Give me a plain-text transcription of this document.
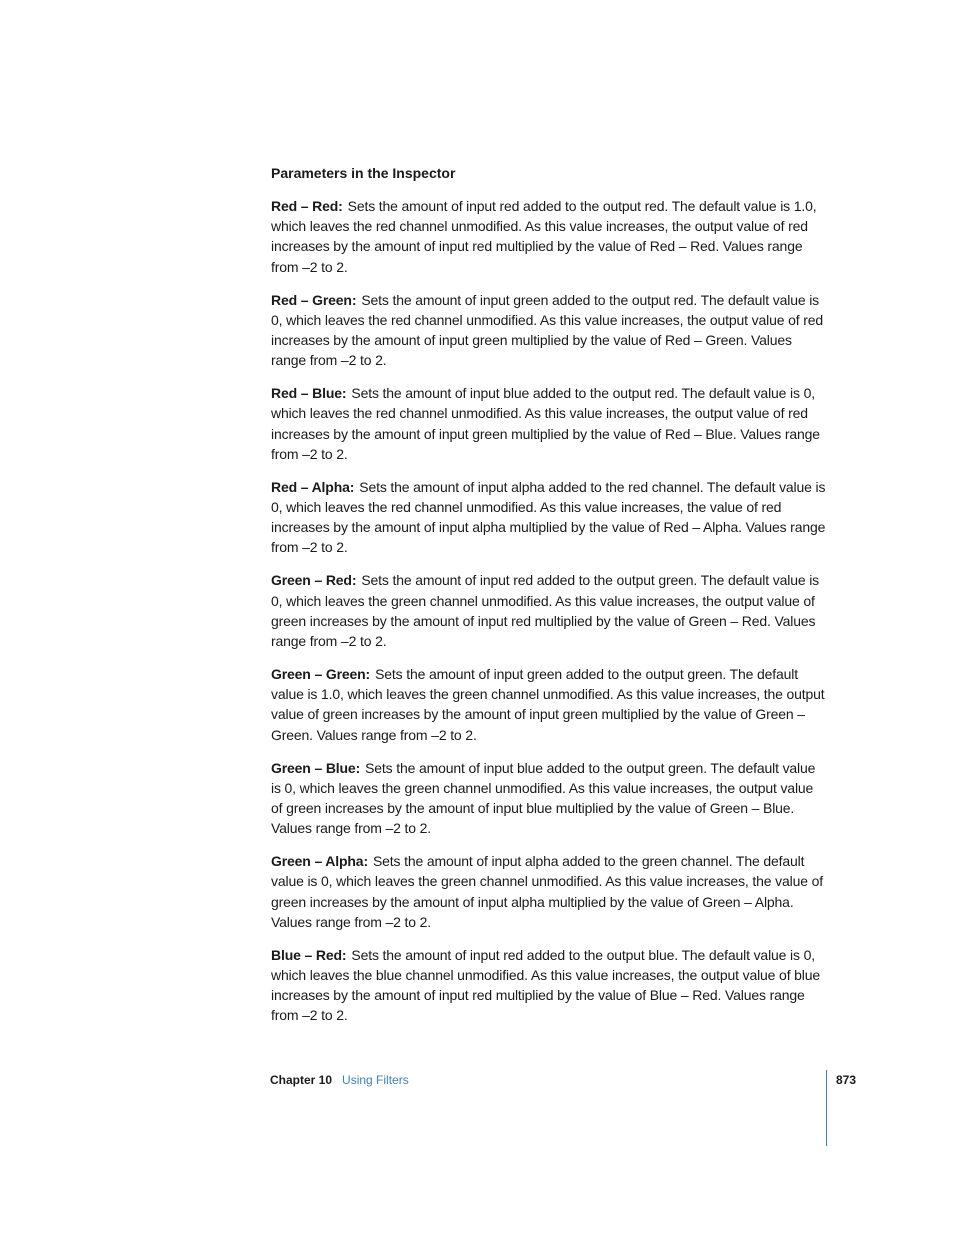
Parameters in the Inspector

Red – Red: Sets the amount of input red added to the output red. The default value is 1.0, which leaves the red channel unmodified. As this value increases, the output value of red increases by the amount of input red multiplied by the value of Red – Red. Values range from –2 to 2.

Red – Green: Sets the amount of input green added to the output red. The default value is 0, which leaves the red channel unmodified. As this value increases, the output value of red increases by the amount of input green multiplied by the value of Red – Green. Values range from –2 to 2.

Red – Blue: Sets the amount of input blue added to the output red. The default value is 0, which leaves the red channel unmodified. As this value increases, the output value of red increases by the amount of input green multiplied by the value of Red – Blue. Values range from –2 to 2.

Red – Alpha: Sets the amount of input alpha added to the red channel. The default value is 0, which leaves the red channel unmodified. As this value increases, the value of red increases by the amount of input alpha multiplied by the value of Red – Alpha. Values range from –2 to 2.

Green – Red: Sets the amount of input red added to the output green. The default value is 0, which leaves the green channel unmodified. As this value increases, the output value of green increases by the amount of input red multiplied by the value of Green – Red. Values range from –2 to 2.

Green – Green: Sets the amount of input green added to the output green. The default value is 1.0, which leaves the green channel unmodified. As this value increases, the output value of green increases by the amount of input green multiplied by the value of Green – Green. Values range from –2 to 2.

Green – Blue: Sets the amount of input blue added to the output green. The default value is 0, which leaves the green channel unmodified. As this value increases, the output value of green increases by the amount of input blue multiplied by the value of Green – Blue. Values range from –2 to 2.

Green – Alpha: Sets the amount of input alpha added to the green channel. The default value is 0, which leaves the green channel unmodified. As this value increases, the value of green increases by the amount of input alpha multiplied by the value of Green – Alpha. Values range from –2 to 2.

Blue – Red: Sets the amount of input red added to the output blue. The default value is 0, which leaves the blue channel unmodified. As this value increases, the output value of blue increases by the amount of input red multiplied by the value of Blue – Red. Values range from –2 to 2.

Chapter 10 Using Filters	873
